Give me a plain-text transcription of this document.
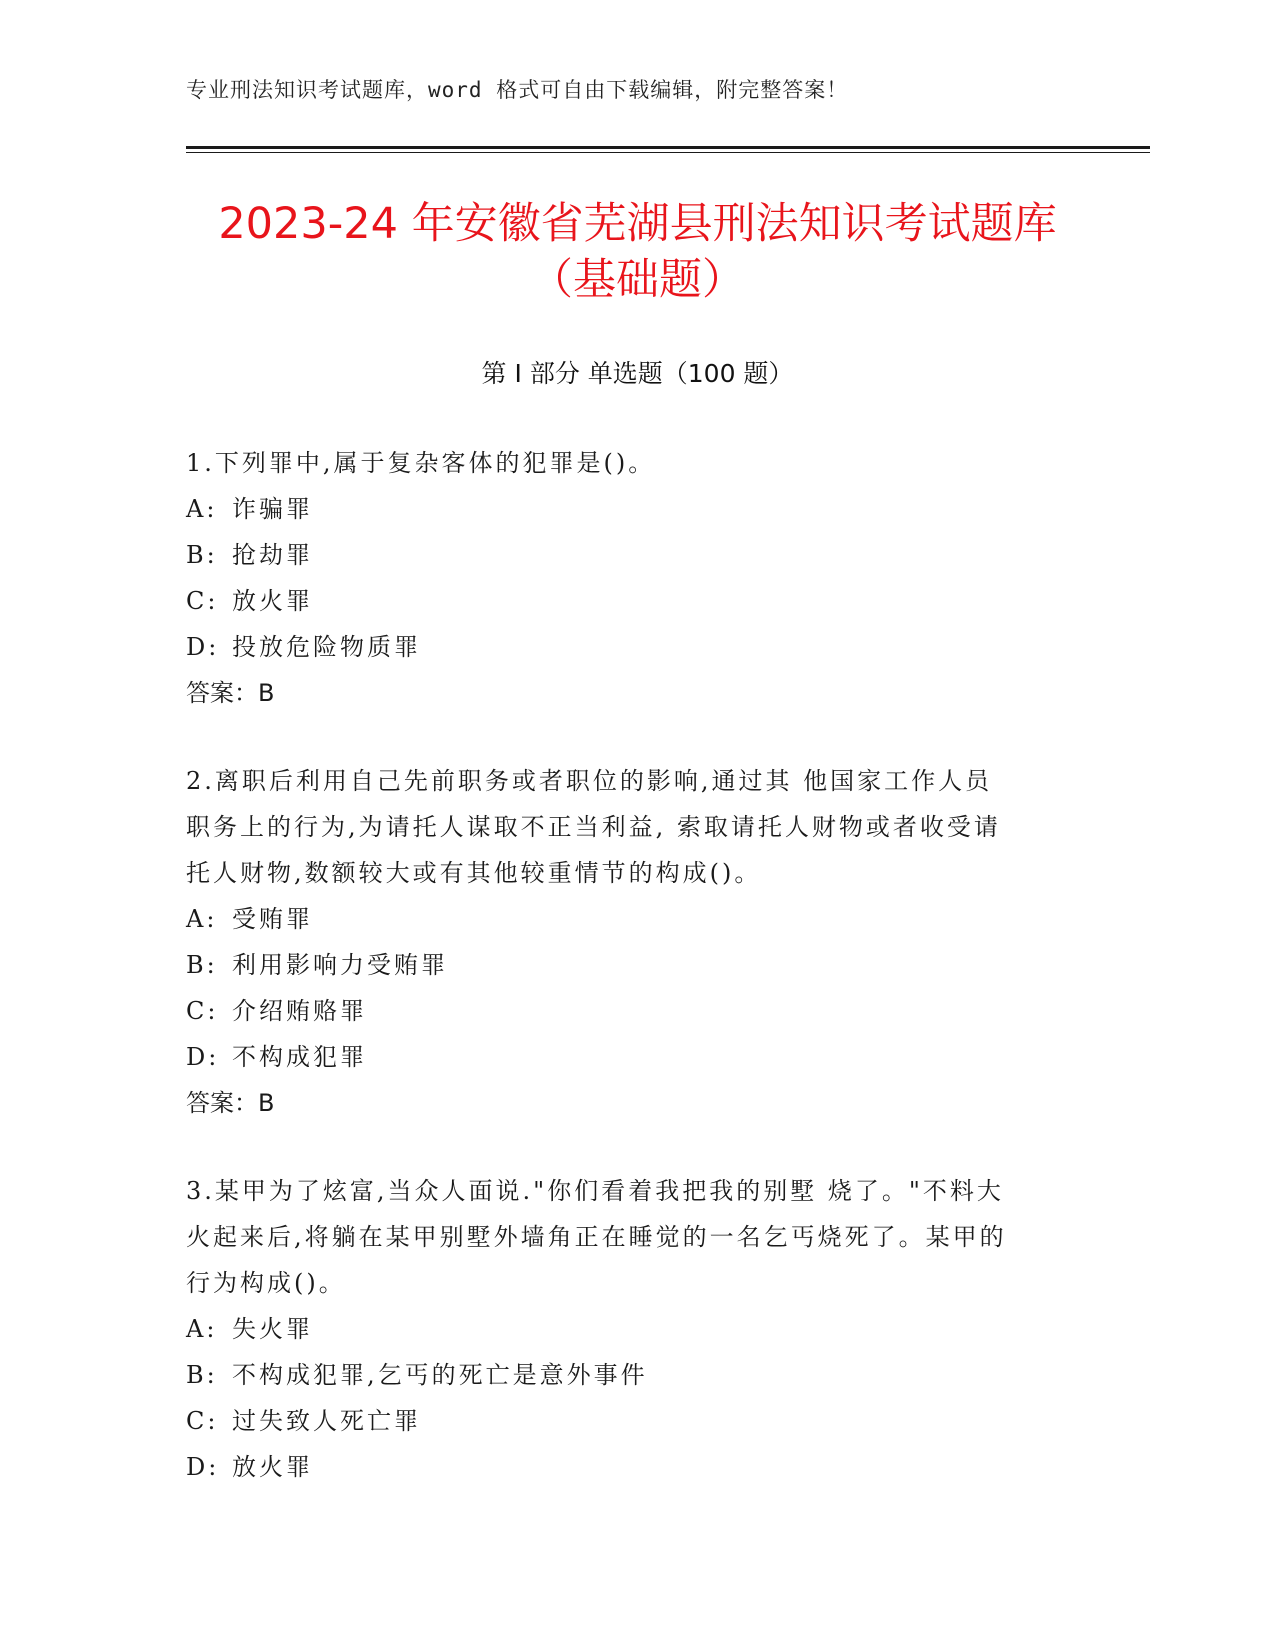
专业刑法知识考试题库，word 格式可自由下载编辑，附完整答案！
2023-24 年安徽省芜湖县刑法知识考试题库
（基础题）
第 I 部分 单选题（100 题）
1.下列罪中,属于复杂客体的犯罪是()。
A: 诈骗罪
B: 抢劫罪
C: 放火罪
D: 投放危险物质罪
答案：B
2.离职后利用自己先前职务或者职位的影响,通过其 他国家工作人员
职务上的行为,为请托人谋取不正当利益, 索取请托人财物或者收受请
托人财物,数额较大或有其他较重情节的构成()。
A: 受贿罪
B: 利用影响力受贿罪
C: 介绍贿赂罪
D: 不构成犯罪
答案：B
3.某甲为了炫富,当众人面说."你们看着我把我的别墅 烧了。"不料大
火起来后,将躺在某甲别墅外墙角正在睡觉的一名乞丐烧死了。某甲的
行为构成()。
A: 失火罪
B: 不构成犯罪,乞丐的死亡是意外事件
C: 过失致人死亡罪
D: 放火罪
